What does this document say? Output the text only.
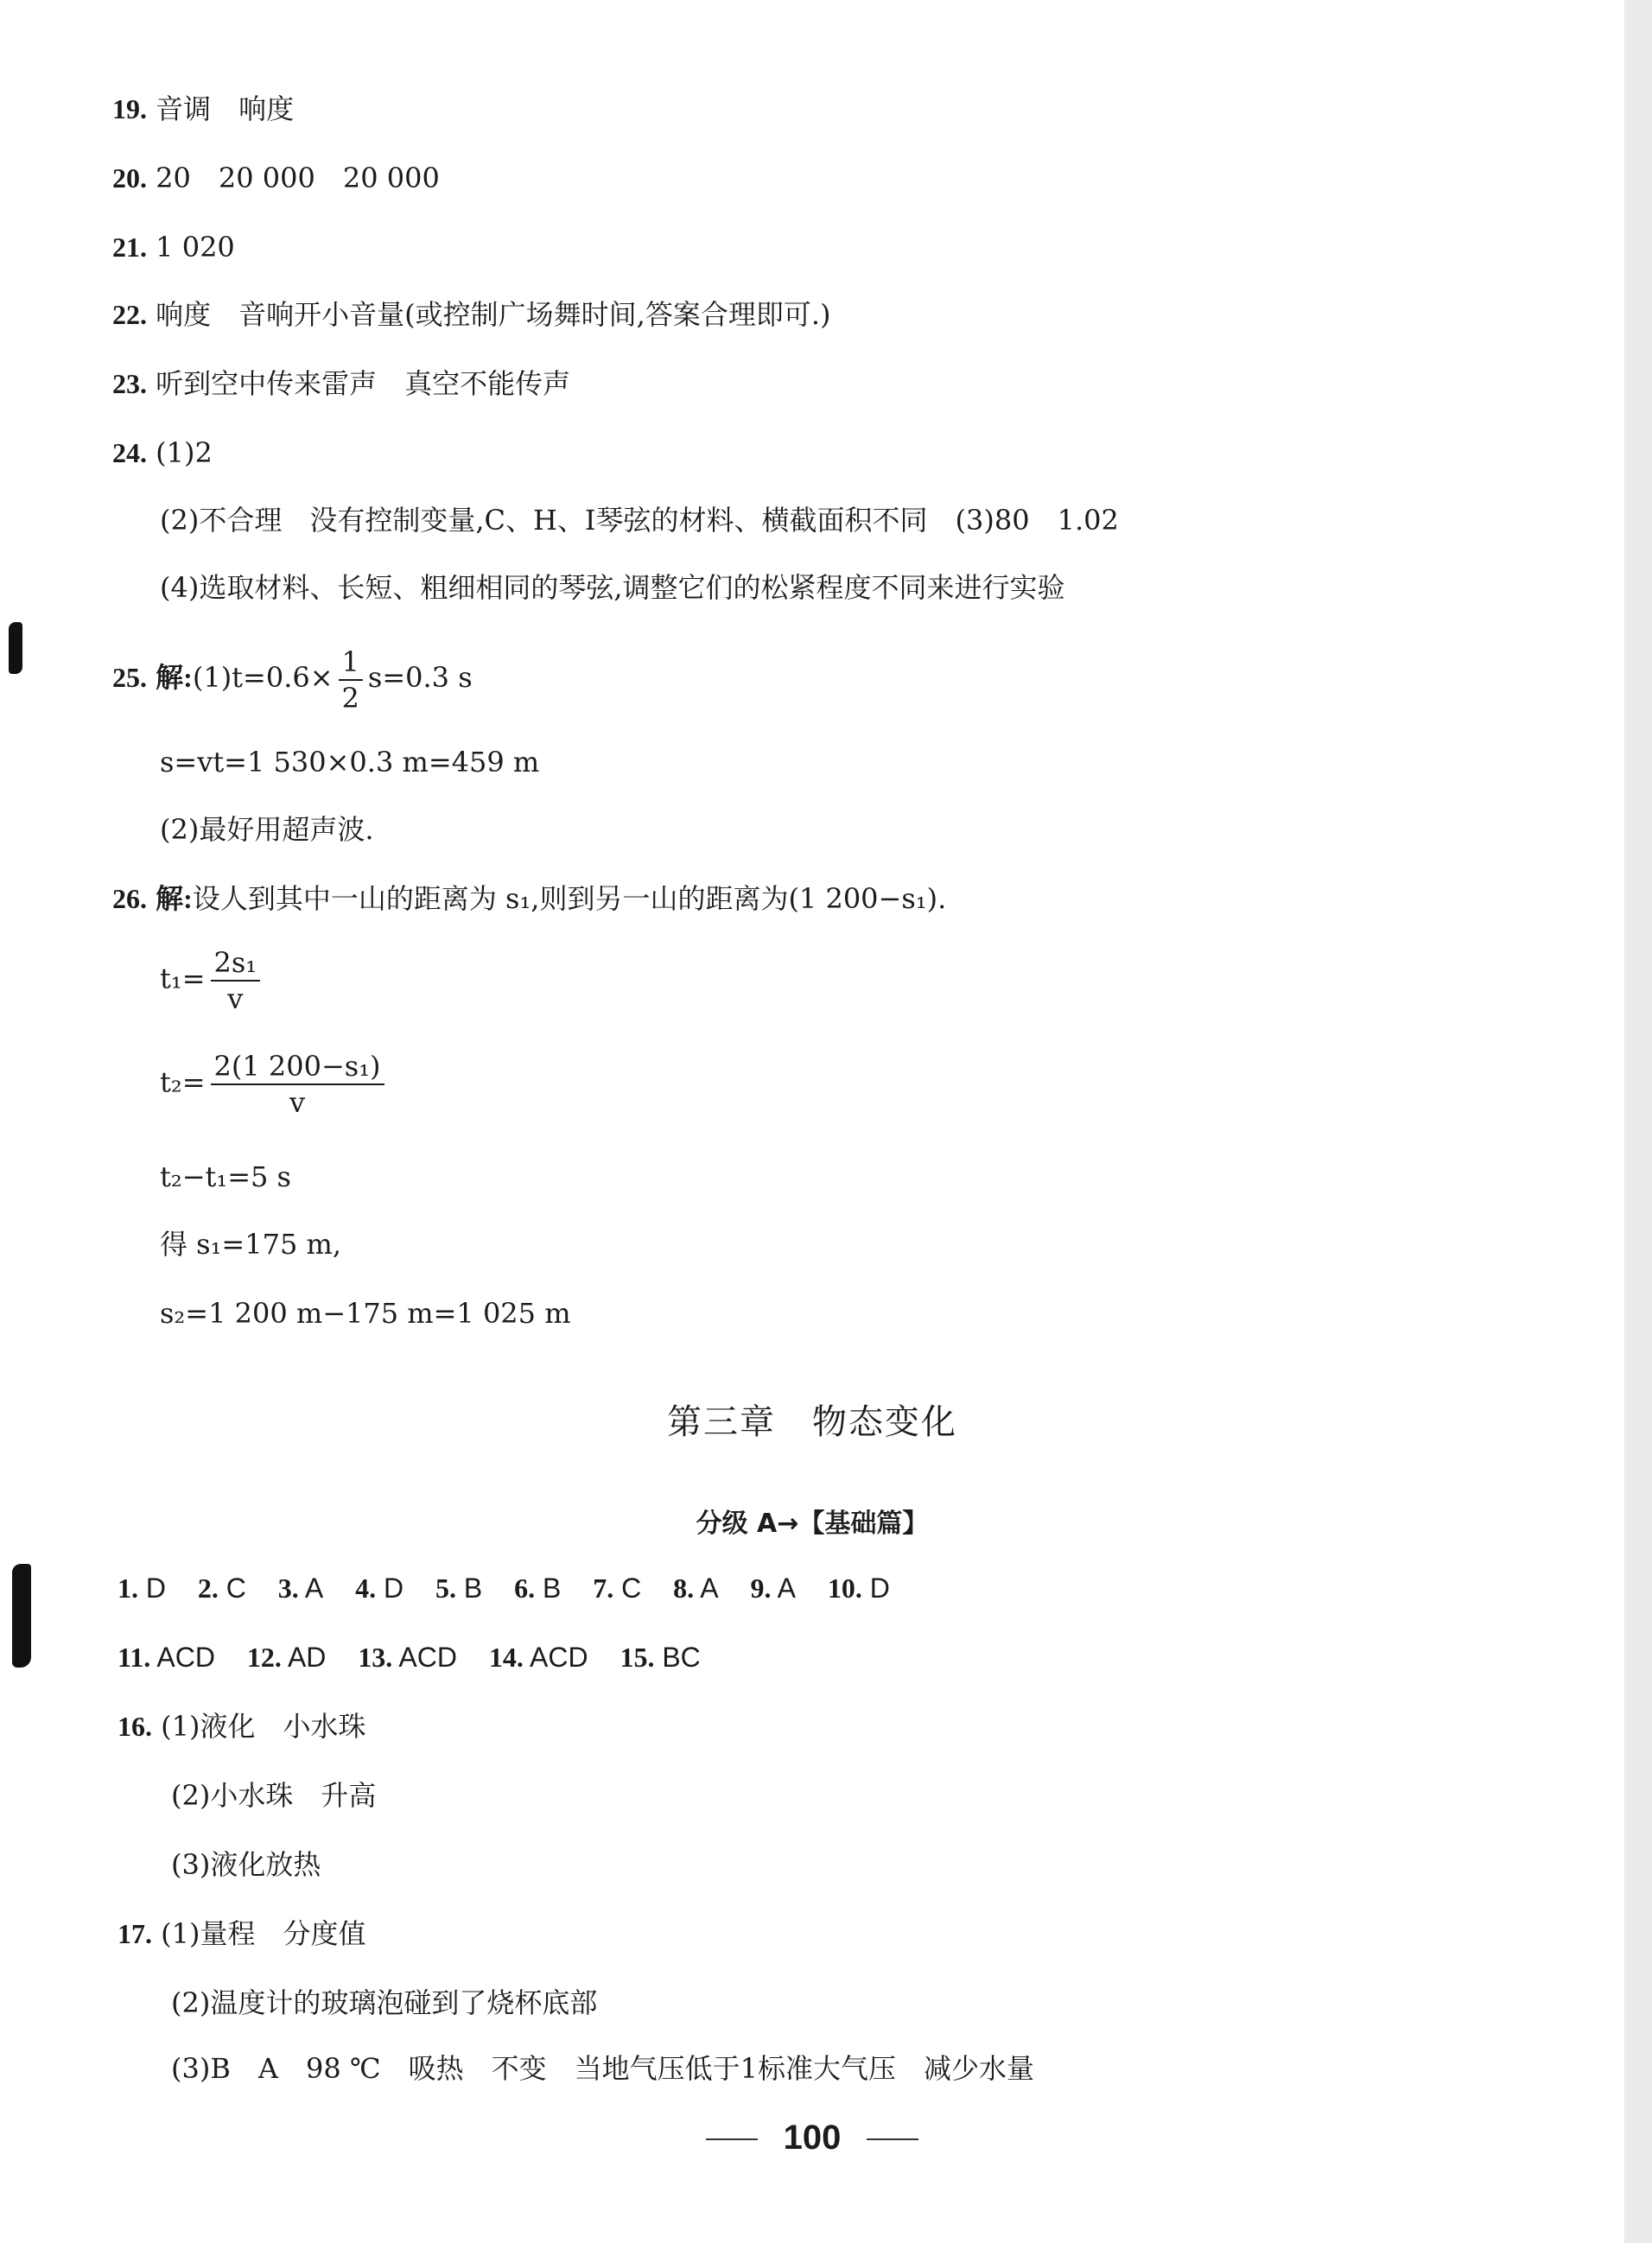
19. 音调　响度
20. 20　20 000　20 000
21. 1 020
22. 响度　音响开小音量(或控制广场舞时间,答案合理即可.)
23. 听到空中传来雷声　真空不能传声
24. (1)2
(2)不合理　没有控制变量,C、H、I琴弦的材料、横截面积不同　(3)80　1.02
(4)选取材料、长短、粗细相同的琴弦,调整它们的松紧程度不同来进行实验
25. 解:(1)t=0.6× $\frac{1}{2} s=0.3$ s
s=vt=1 530×0.3 m=459 m
(2)最好用超声波.
26. 解:设人到其中一山的距离为 s₁,则到另一山的距离为(1 200−s₁).
$t_1= \frac{\text{2s₁}}{v}$
$t_2= \frac{\text{2(1 200−s₁)}}{v}$
t₂−t₁=5 s
得 s₁=175 m,
s₂=1 200 m−175 m=1 025 m
第三章　物态变化
分级 A→【基础篇】
1. D 2. C 3. A 4. D 5. B 6. B 7. C 8. A 9. A 10. D
11. ACD 12. AD 13. ACD 14. ACD 15. BC
16. (1)液化　小水珠
(2)小水珠　升高
(3)液化放热
17. (1)量程　分度值
(2)温度计的玻璃泡碰到了烧杯底部
(3)B　A　98 ℃　吸热　不变　当地气压低于1标准大气压　减少水量
100
